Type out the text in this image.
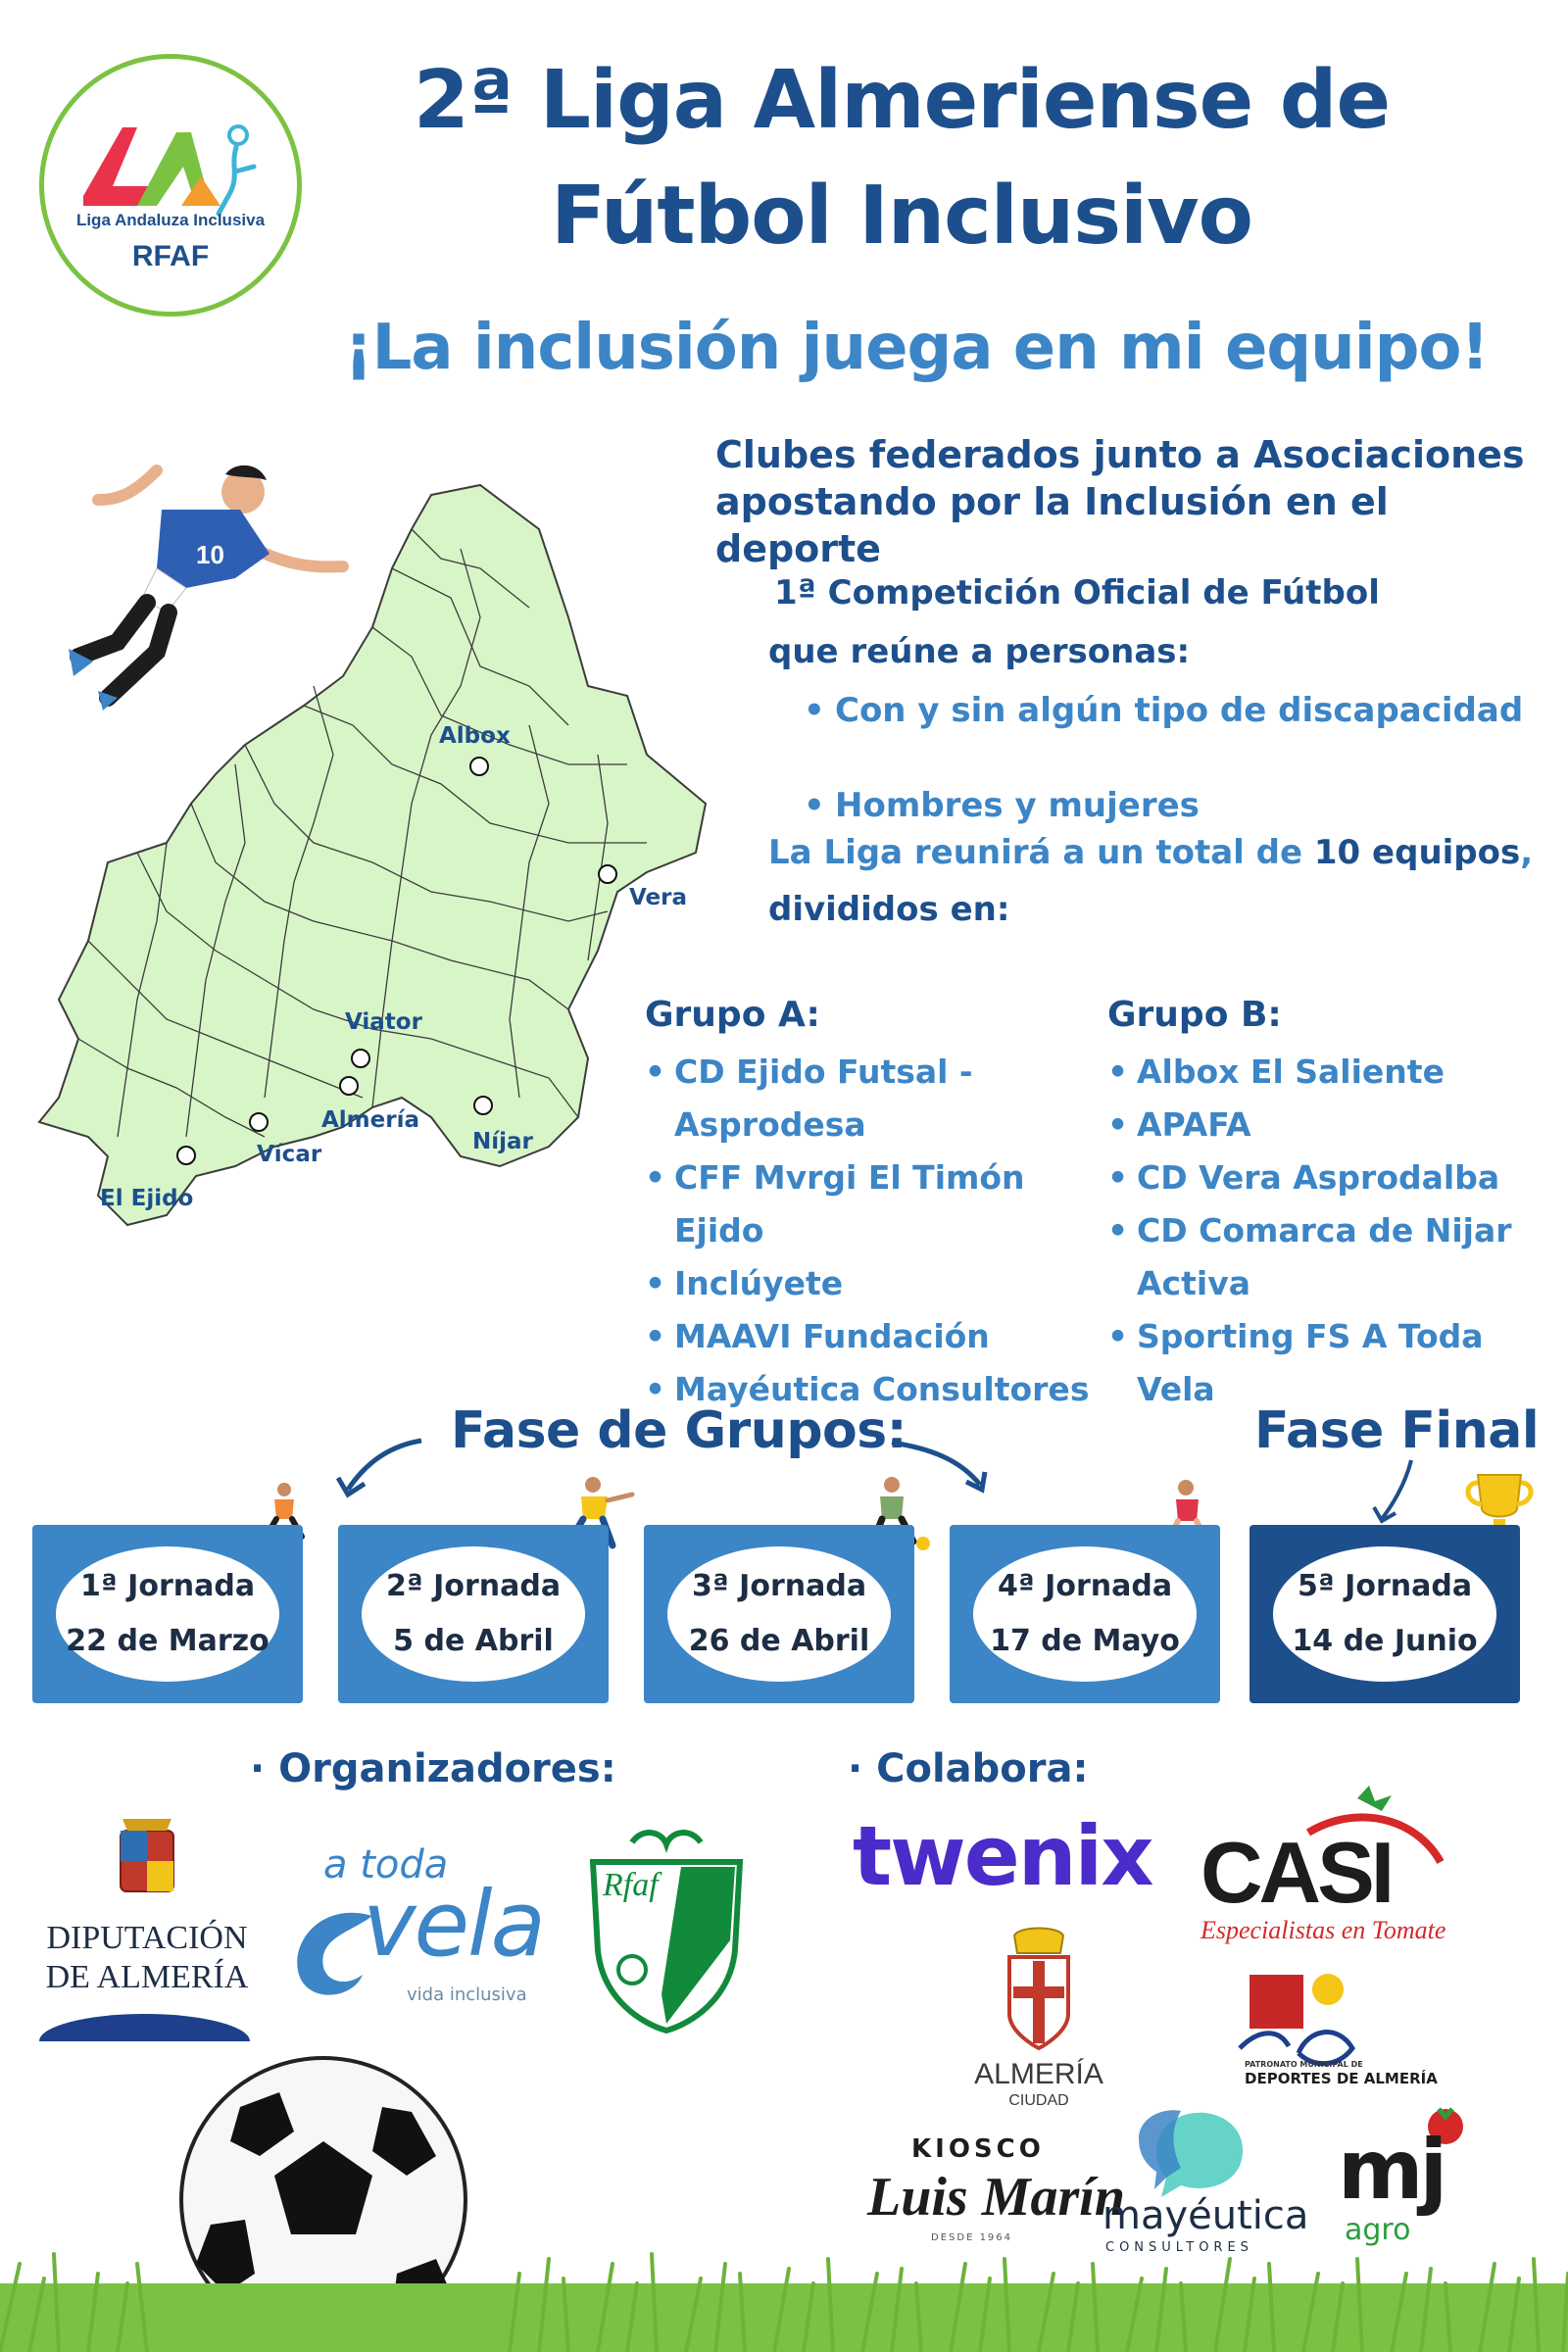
Liga Andaluza Inclusiva
RFAF
2ª Liga Almeriense de
Fútbol Inclusivo
¡La inclusión juega en mi equipo!
10
Albox
Vera
Viator
Almería
Vícar	Níjar
El Ejido
Clubes federados junto a Asociaciones
apostando por la Inclusión en el deporte
1ª Competición Oficial de Fútbol
que reúne a personas:
• Con y sin algún tipo de discapacidad
• Hombres y mujeres
La Liga reunirá a un total de 10 equipos,
divididos en:
Grupo A:
• CD Ejido Futsal -
Asprodesa
• CFF Mvrgi El Timón Ejido
• Inclúyete
• MAAVI Fundación
• Mayéutica Consultores
Grupo B:
• Albox El Saliente
• APAFA
• CD Vera Asprodalba
• CD Comarca de Nijar
Activa
• Sporting FS A Toda Vela
Fase de Grupos:	Fase Final
1ª Jornada
22 de Marzo
2ª Jornada
5 de Abril
3ª Jornada
26 de Abril
4ª Jornada
17 de Mayo
5ª Jornada
14 de Junio
· Organizadores:	· Colabora:
DIPUTACIÓN
DE ALMERÍA
a toda
vela
vida inclusiva
Rfaf twenix CASI
Especialistas en Tomate
ALMERÍA
CIUDAD
PATRONATO MUNICIPAL DE
DEPORTES DE ALMERÍA
KIOSCO
Luis Marín
DESDE 1964 mayéutica
CONSULTORES
mj
agro
